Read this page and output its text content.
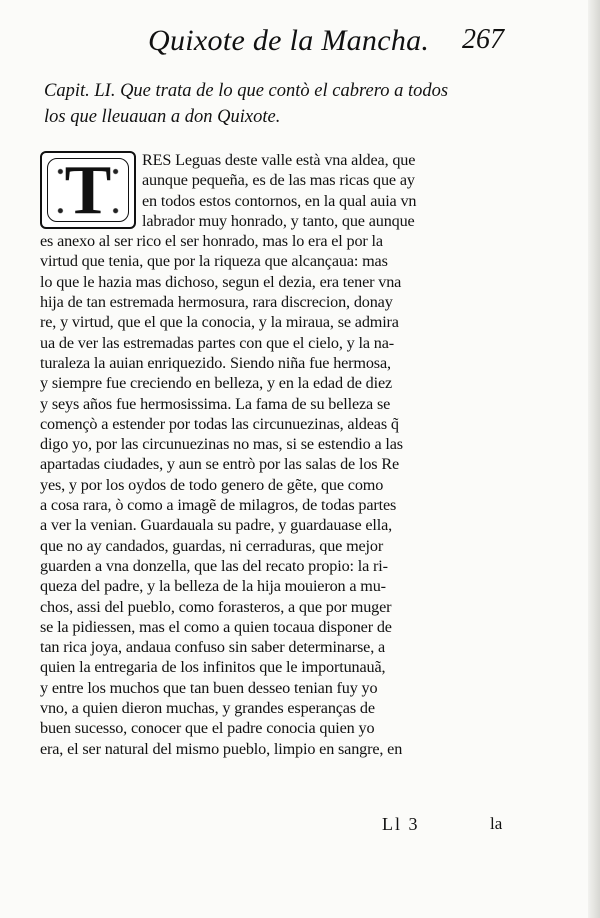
Quixote de la Mancha. 267
Capit. LI. Que trata de lo que contò el cabrero a todos
los que lleuauan a don Quixote.
T	RES Leguas deste valle està vna aldea, que
aunque pequeña, es de las mas ricas que ay
en todos estos contornos, en la qual auia vn
labrador muy honrado, y tanto, que aunque
es anexo al ser rico el ser honrado, mas lo era el por la
virtud que tenia, que por la riqueza que alcançaua: mas
lo que le hazia mas dichoso, segun el dezia, era tener vna
hija de tan estremada hermosura, rara discrecion, donay
re, y virtud, que el que la conocia, y la miraua, se admira
ua de ver las estremadas partes con que el cielo, y la na-
turaleza la auian enriquezido. Siendo niña fue hermosa,
y siempre fue creciendo en belleza, y en la edad de diez
y seys años fue hermosissima. La fama de su belleza se
començò a estender por todas las circunuezinas, aldeas q̃
digo yo, por las circunuezinas no mas, si se estendio a las
apartadas ciudades, y aun se entrò por las salas de los Re
yes, y por los oydos de todo genero de gẽte, que como
a cosa rara, ò como a imagẽ de milagros, de todas partes
a ver la venian. Guardauala su padre, y guardauase ella,
que no ay candados, guardas, ni cerraduras, que mejor
guarden a vna donzella, que las del recato propio: la ri-
queza del padre, y la belleza de la hija mouieron a mu-
chos, assi del pueblo, como forasteros, a que por muger
se la pidiessen, mas el como a quien tocaua disponer de
tan rica joya, andaua confuso sin saber determinarse, a
quien la entregaria de los infinitos que le importunauã,
y entre los muchos que tan buen desseo tenian fuy yo
vno, a quien dieron muchas, y grandes esperanças de
buen sucesso, conocer que el padre conocia quien yo
era, el ser natural del mismo pueblo, limpio en sangre, en
Ll 3	la
